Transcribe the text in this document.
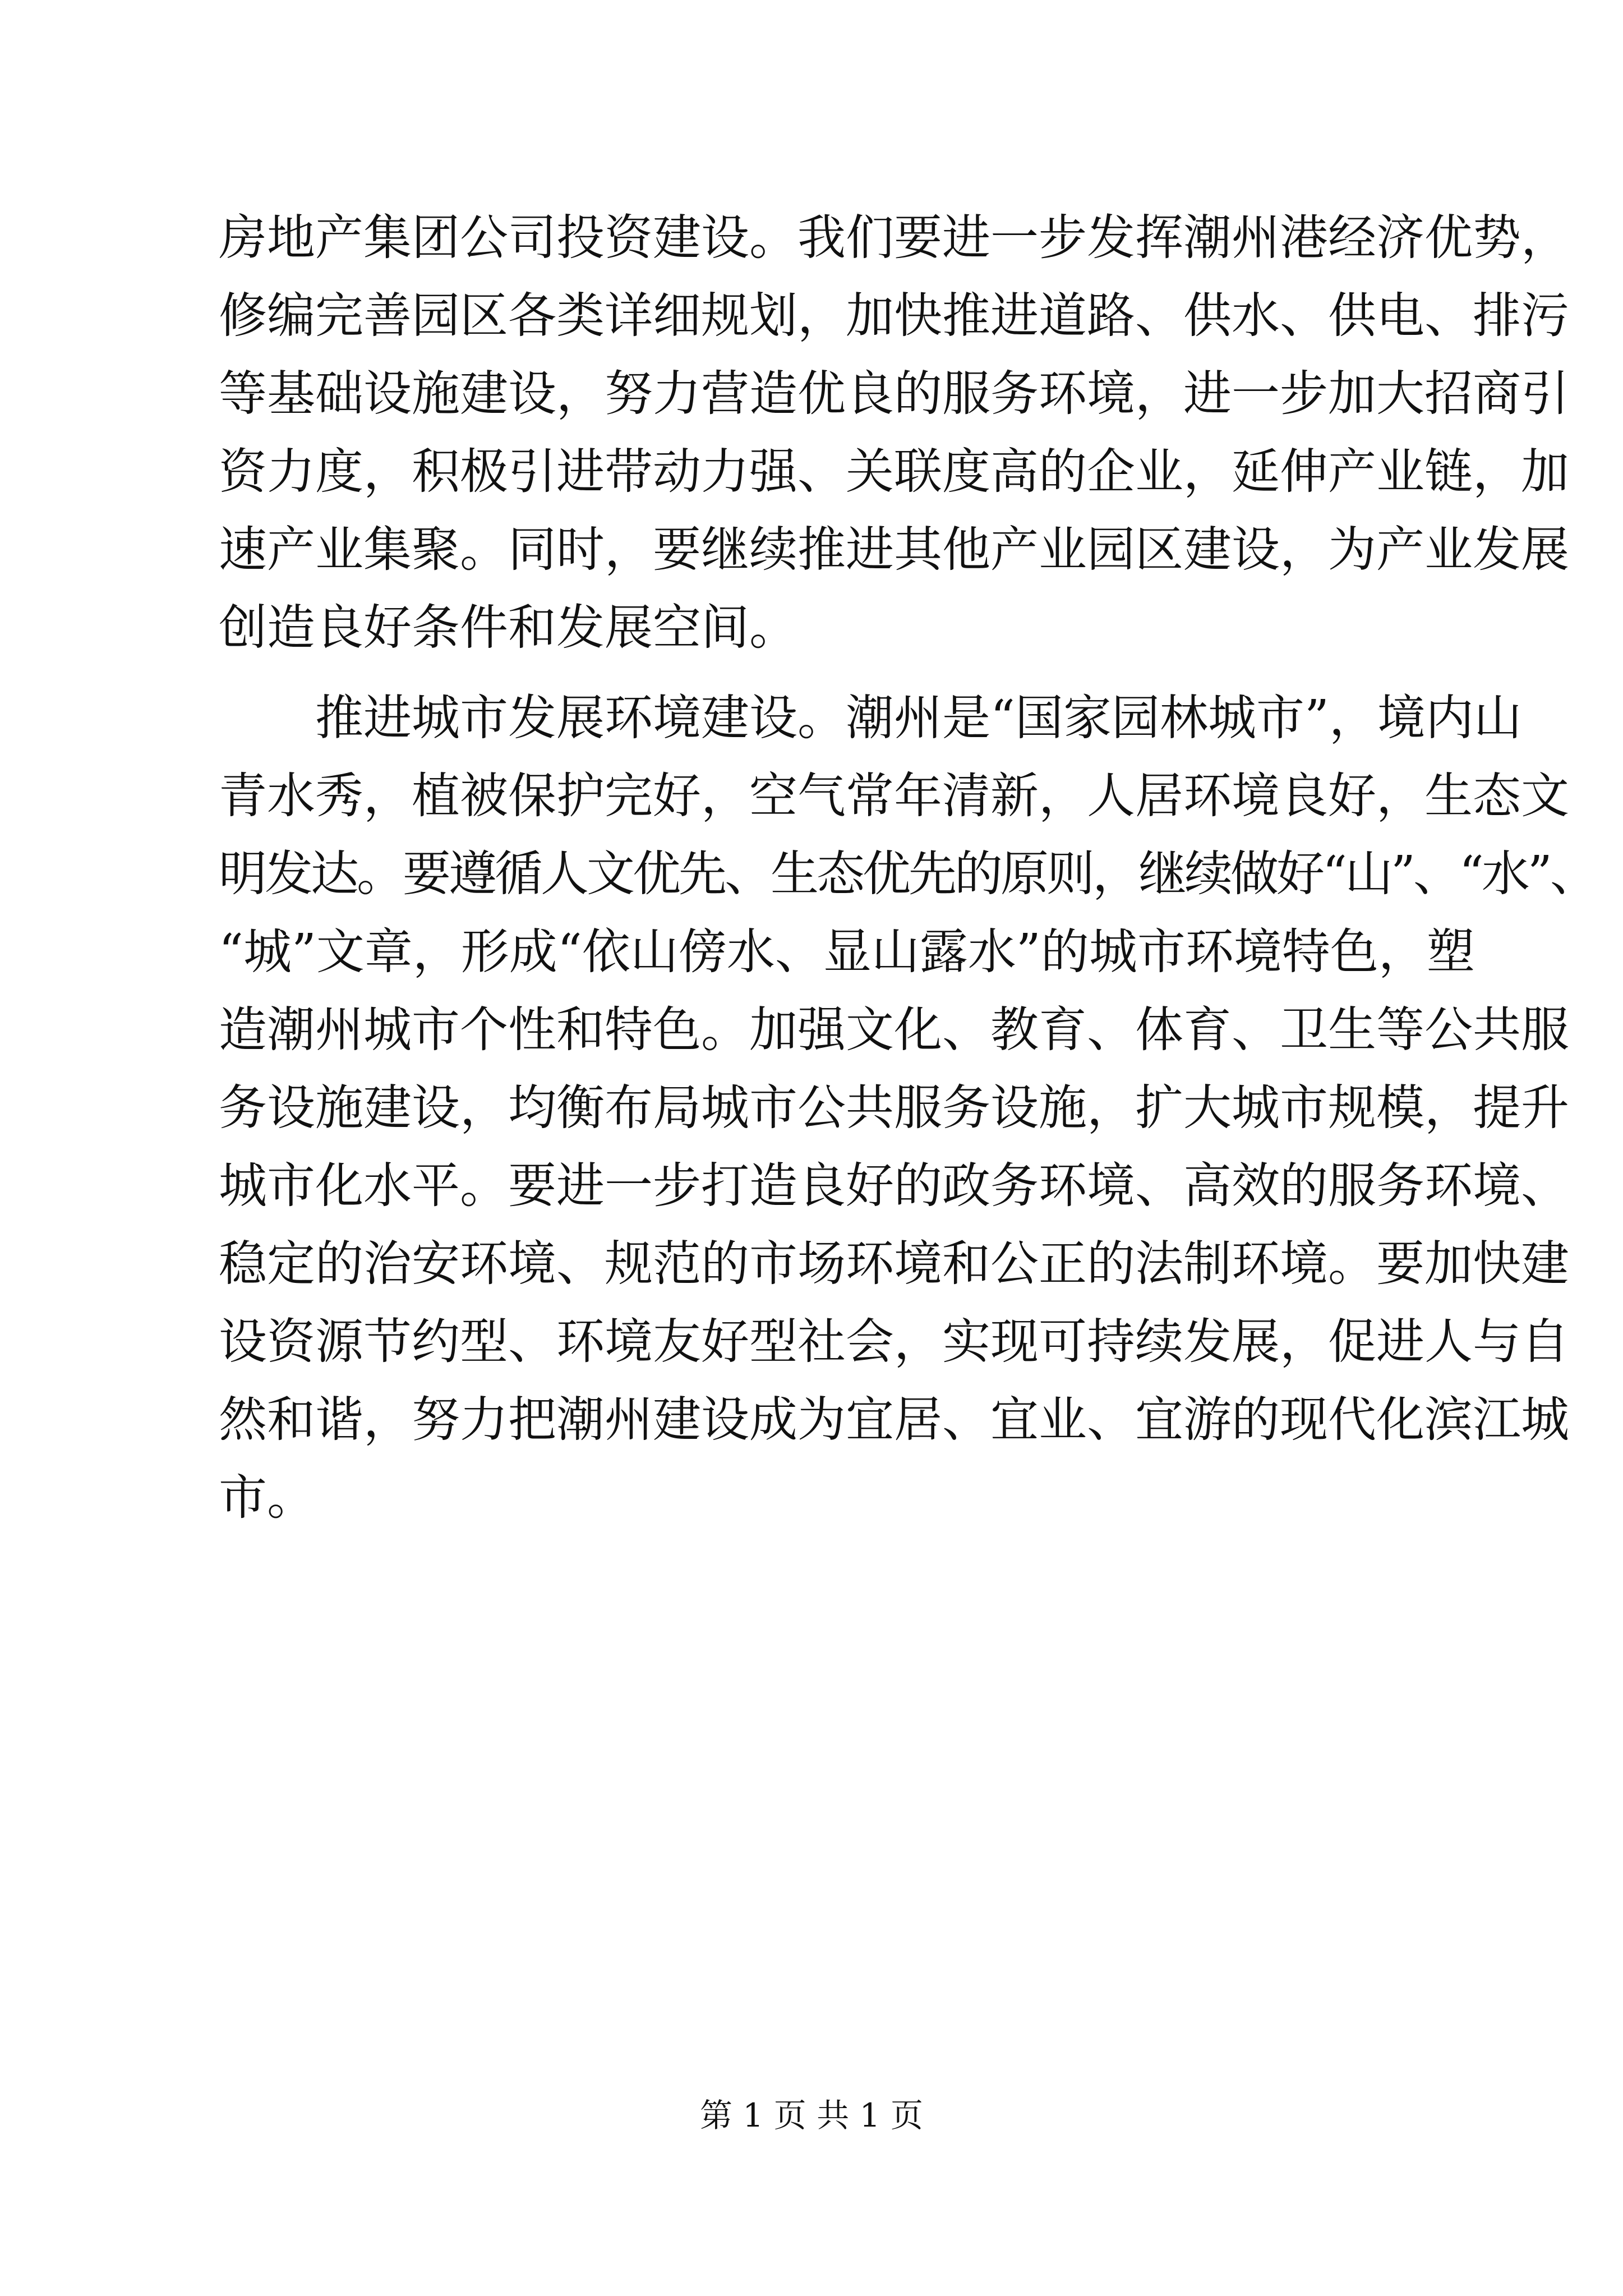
房地产集团公司投资建设。我们要进一步发挥潮州港经济优势，
修编完善园区各类详细规划，加快推进道路、供水、供电、排污
等基础设施建设，努力营造优良的服务环境，进一步加大招商引
资力度，积极引进带动力强、关联度高的企业，延伸产业链，加
速产业集聚。同时，要继续推进其他产业园区建设，为产业发展
创造良好条件和发展空间。
推进城市发展环境建设。潮州是“国家园林城市”，境内山
青水秀，植被保护完好，空气常年清新，人居环境良好，生态文
明发达。要遵循人文优先、生态优先的原则，继续做好“山”、“水”、
“城”文章，形成“依山傍水、显山露水”的城市环境特色，塑
造潮州城市个性和特色。加强文化、教育、体育、卫生等公共服
务设施建设，均衡布局城市公共服务设施，扩大城市规模，提升
城市化水平。要进一步打造良好的政务环境、高效的服务环境、
稳定的治安环境、规范的市场环境和公正的法制环境。要加快建
设资源节约型、环境友好型社会，实现可持续发展，促进人与自
然和谐，努力把潮州建设成为宜居、宜业、宜游的现代化滨江城
市。
第 1 页 共 1 页
